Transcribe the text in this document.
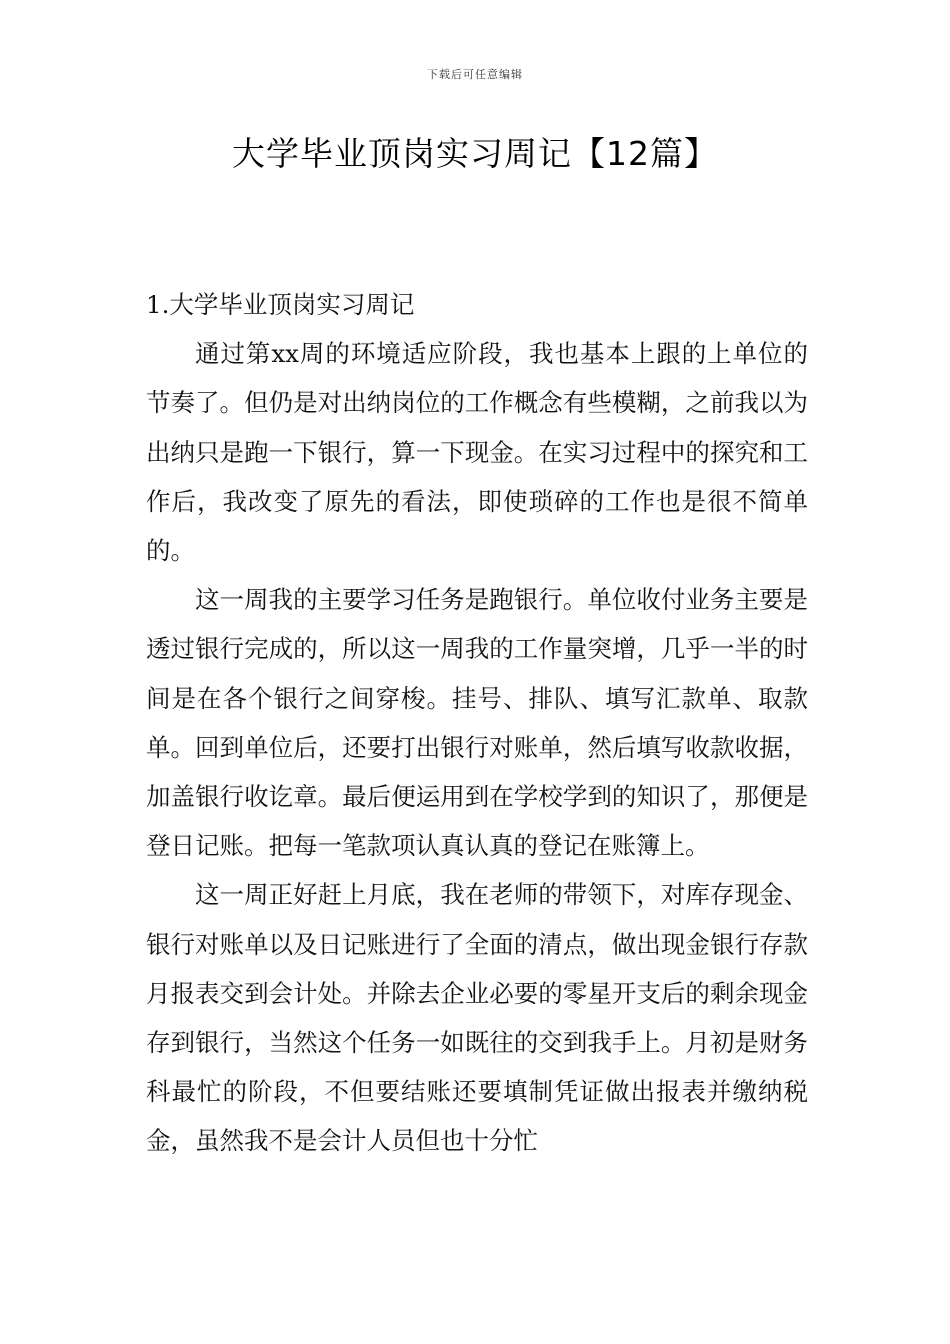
下载后可任意编辑
大学毕业顶岗实习周记【12篇】
1.大学毕业顶岗实习周记

通过第xx周的环境适应阶段，我也基本上跟的上单位的节奏了。但仍是对出纳岗位的工作概念有些模糊，之前我以为出纳只是跑一下银行，算一下现金。在实习过程中的探究和工作后，我改变了原先的看法，即使琐碎的工作也是很不简单的。

这一周我的主要学习任务是跑银行。单位收付业务主要是透过银行完成的，所以这一周我的工作量突增，几乎一半的时间是在各个银行之间穿梭。挂号、排队、填写汇款单、取款单。回到单位后，还要打出银行对账单，然后填写收款收据，加盖银行收讫章。最后便运用到在学校学到的知识了，那便是登日记账。把每一笔款项认真认真的登记在账簿上。

这一周正好赶上月底，我在老师的带领下，对库存现金、银行对账单以及日记账进行了全面的清点，做出现金银行存款月报表交到会计处。并除去企业必要的零星开支后的剩余现金存到银行，当然这个任务一如既往的交到我手上。月初是财务科最忙的阶段，不但要结账还要填制凭证做出报表并缴纳税金，虽然我不是会计人员但也十分忙
